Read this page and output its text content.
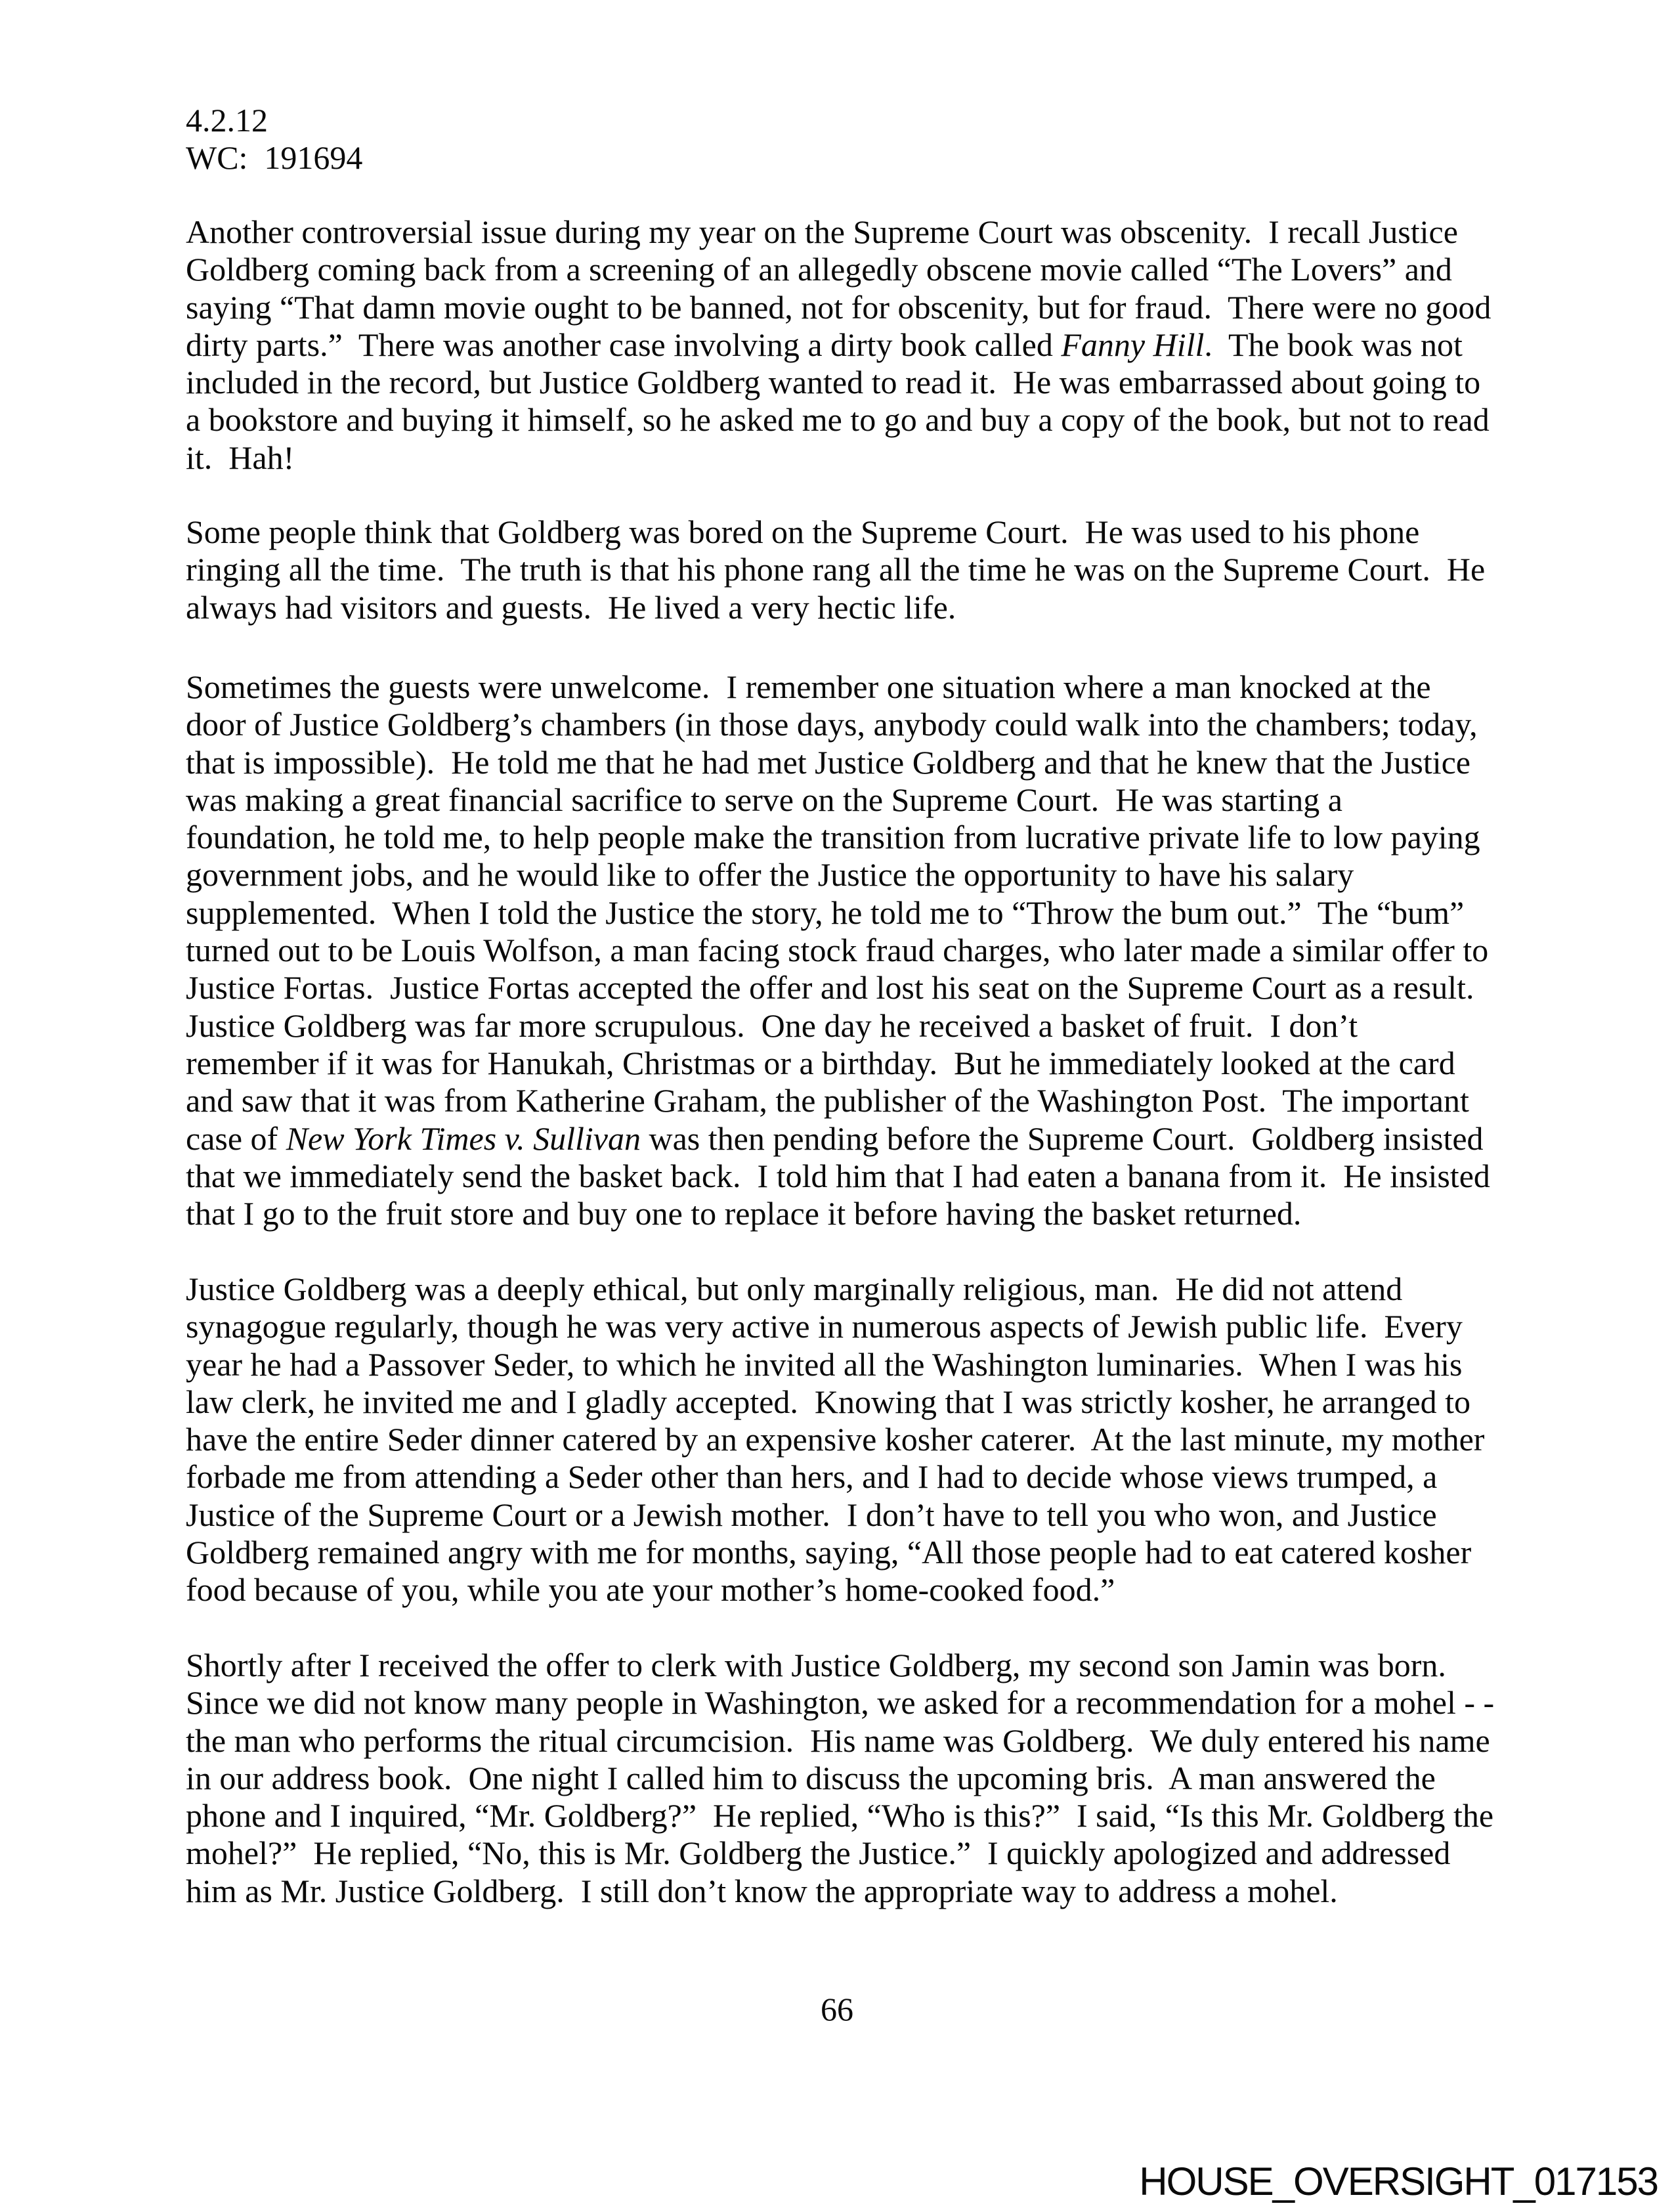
4.2.12

WC:  191694

Another controversial issue during my year on the Supreme Court was obscenity.  I recall Justice Goldberg coming back from a screening of an allegedly obscene movie called “The Lovers” and saying “That damn movie ought to be banned, not for obscenity, but for fraud.  There were no good dirty parts.”  There was another case involving a dirty book called Fanny Hill.  The book was not included in the record, but Justice Goldberg wanted to read it.  He was embarrassed about going to a bookstore and buying it himself, so he asked me to go and buy a copy of the book, but not to read it.  Hah!

Some people think that Goldberg was bored on the Supreme Court.  He was used to his phone ringing all the time.  The truth is that his phone rang all the time he was on the Supreme Court.  He always had visitors and guests.  He lived a very hectic life.

Sometimes the guests were unwelcome.  I remember one situation where a man knocked at the door of Justice Goldberg’s chambers (in those days, anybody could walk into the chambers; today, that is impossible).  He told me that he had met Justice Goldberg and that he knew that the Justice was making a great financial sacrifice to serve on the Supreme Court.  He was starting a foundation, he told me, to help people make the transition from lucrative private life to low paying government jobs, and he would like to offer the Justice the opportunity to have his salary supplemented.  When I told the Justice the story, he told me to “Throw the bum out.”  The “bum” turned out to be Louis Wolfson, a man facing stock fraud charges, who later made a similar offer to Justice Fortas.  Justice Fortas accepted the offer and lost his seat on the Supreme Court as a result.  Justice Goldberg was far more scrupulous.  One day he received a basket of fruit.  I don’t remember if it was for Hanukah, Christmas or a birthday.  But he immediately looked at the card and saw that it was from Katherine Graham, the publisher of the Washington Post.  The important case of New York Times v. Sullivan was then pending before the Supreme Court.  Goldberg insisted that we immediately send the basket back.  I told him that I had eaten a banana from it.  He insisted that I go to the fruit store and buy one to replace it before having the basket returned.

Justice Goldberg was a deeply ethical, but only marginally religious, man.  He did not attend synagogue regularly, though he was very active in numerous aspects of Jewish public life.  Every year he had a Passover Seder, to which he invited all the Washington luminaries.  When I was his law clerk, he invited me and I gladly accepted.  Knowing that I was strictly kosher, he arranged to have the entire Seder dinner catered by an expensive kosher caterer.  At the last minute, my mother forbade me from attending a Seder other than hers, and I had to decide whose views trumped, a Justice of the Supreme Court or a Jewish mother.  I don’t have to tell you who won, and Justice Goldberg remained angry with me for months, saying, “All those people had to eat catered kosher food because of you, while you ate your mother’s home-cooked food.”

Shortly after I received the offer to clerk with Justice Goldberg, my second son Jamin was born.  Since we did not know many people in Washington, we asked for a recommendation for a mohel - - the man who performs the ritual circumcision.  His name was Goldberg.  We duly entered his name in our address book.  One night I called him to discuss the upcoming bris.  A man answered the phone and I inquired, “Mr. Goldberg?”  He replied, “Who is this?”  I said, “Is this Mr. Goldberg the mohel?”  He replied, “No, this is Mr. Goldberg the Justice.”  I quickly apologized and addressed him as Mr. Justice Goldberg.  I still don’t know the appropriate way to address a mohel.

66

HOUSE_OVERSIGHT_017153
